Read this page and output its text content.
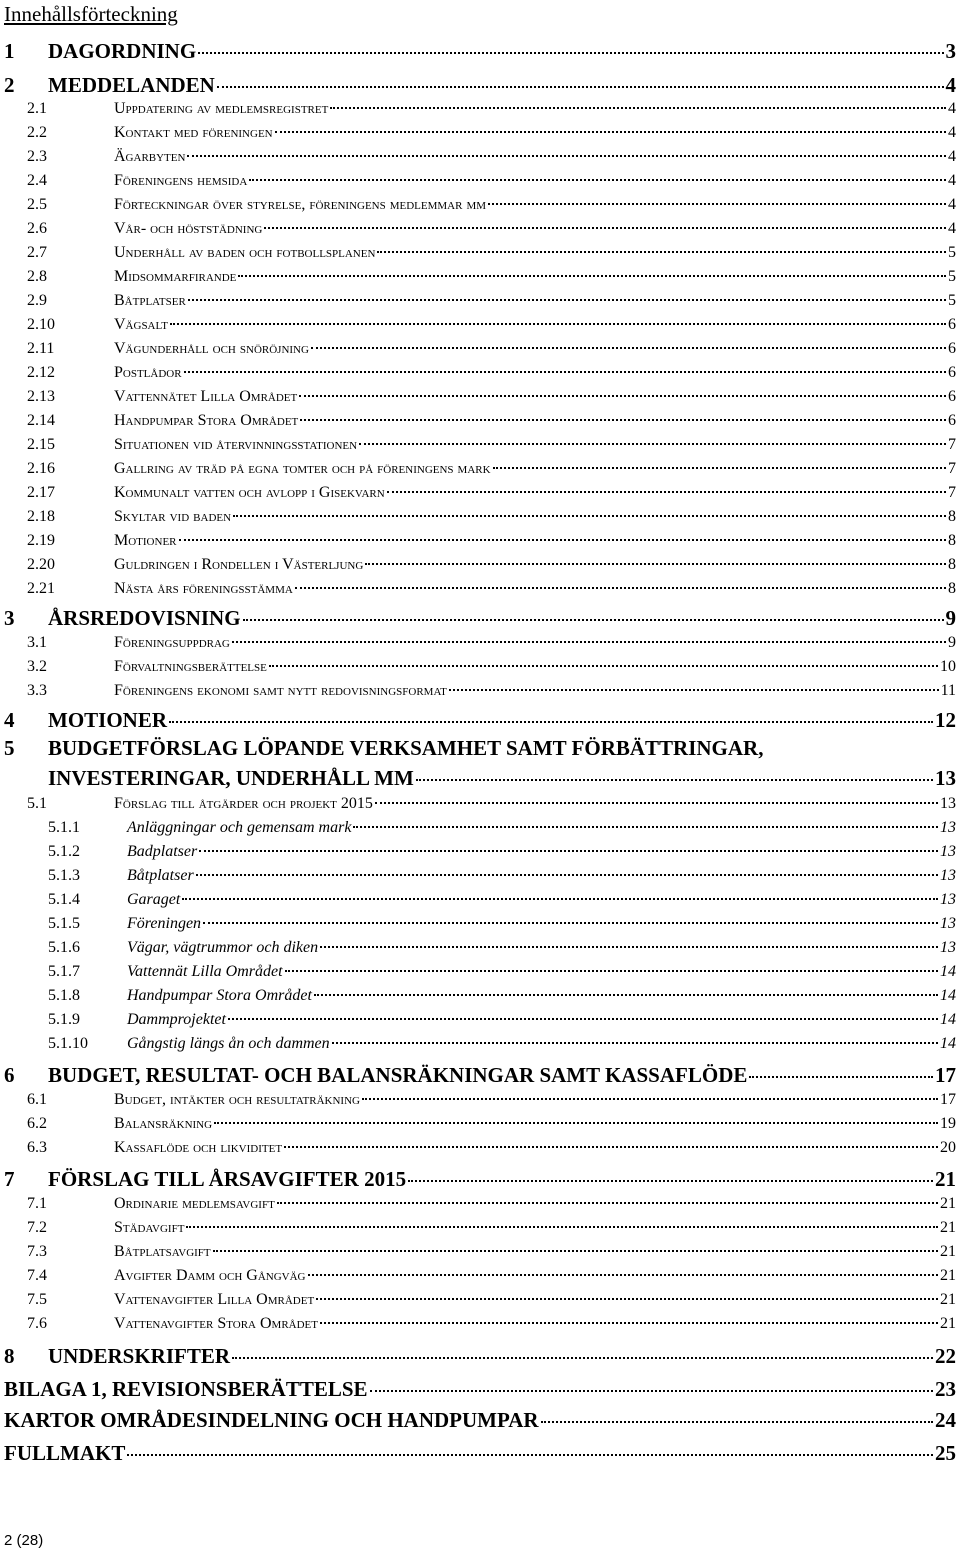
Innehållsförteckning
1	DAGORDNING	3
2	MEDDELANDEN	4
2.1	Uppdatering av medlemsregistret	4
2.2	Kontakt med föreningen	4
2.3	Ägarbyten	4
2.4	Föreningens hemsida	4
2.5	Förteckningar över styrelse, föreningens medlemmar mm	4
2.6	Vår- och höststädning	4
2.7	Underhåll av baden och fotbollsplanen	5
2.8	Midsommarfirande	5
2.9	Båtplatser	5
2.10	Vägsalt	6
2.11	Vägunderhåll och snöröjning	6
2.12	Postlådor	6
2.13	Vattennätet Lilla Området	6
2.14	Handpumpar Stora Området	6
2.15	Situationen vid återvinningsstationen	7
2.16	Gallring av träd på egna tomter och på föreningens mark	7
2.17	Kommunalt vatten och avlopp i Gisekvarn	7
2.18	Skyltar vid baden	8
2.19	Motioner	8
2.20	Guldringen i Rondellen i Västerljung	8
2.21	Nästa års föreningsstämma	8
3	ÅRSREDOVISNING	9
3.1	Föreningsuppdrag	9
3.2	Förvaltningsberättelse	10
3.3	Föreningens ekonomi samt nytt redovisningsformat	11
4	MOTIONER	12
5	BUDGETFÖRSLAG LÖPANDE VERKSAMHET SAMT FÖRBÄTTRINGAR,
INVESTERINGAR, UNDERHÅLL MM	13
5.1	Förslag till åtgärder och projekt 2015	13
5.1.1	Anläggningar och gemensam mark	13
5.1.2	Badplatser	13
5.1.3	Båtplatser	13
5.1.4	Garaget	13
5.1.5	Föreningen	13
5.1.6	Vägar, vägtrummor och diken	13
5.1.7	Vattennät Lilla Området	14
5.1.8	Handpumpar Stora Området	14
5.1.9	Dammprojektet	14
5.1.10	Gångstig längs ån och dammen	14
6	BUDGET, RESULTAT- OCH BALANSRÄKNINGAR SAMT KASSAFLÖDE	17
6.1	Budget, intäkter och resultaträkning	17
6.2	Balansräkning	19
6.3	Kassaflöde och likviditet	20
7	FÖRSLAG TILL ÅRSAVGIFTER 2015	21
7.1	Ordinarie medlemsavgift	21
7.2	Städavgift	21
7.3	Båtplatsavgift	21
7.4	Avgifter Damm och Gångväg	21
7.5	Vattenavgifter Lilla Området	21
7.6	Vattenavgifter Stora Området	21
8	UNDERSKRIFTER	22
BILAGA 1, REVISIONSBERÄTTELSE	23
KARTOR OMRÅDESINDELNING OCH HANDPUMPAR	24
FULLMAKT	25
2 (28)
